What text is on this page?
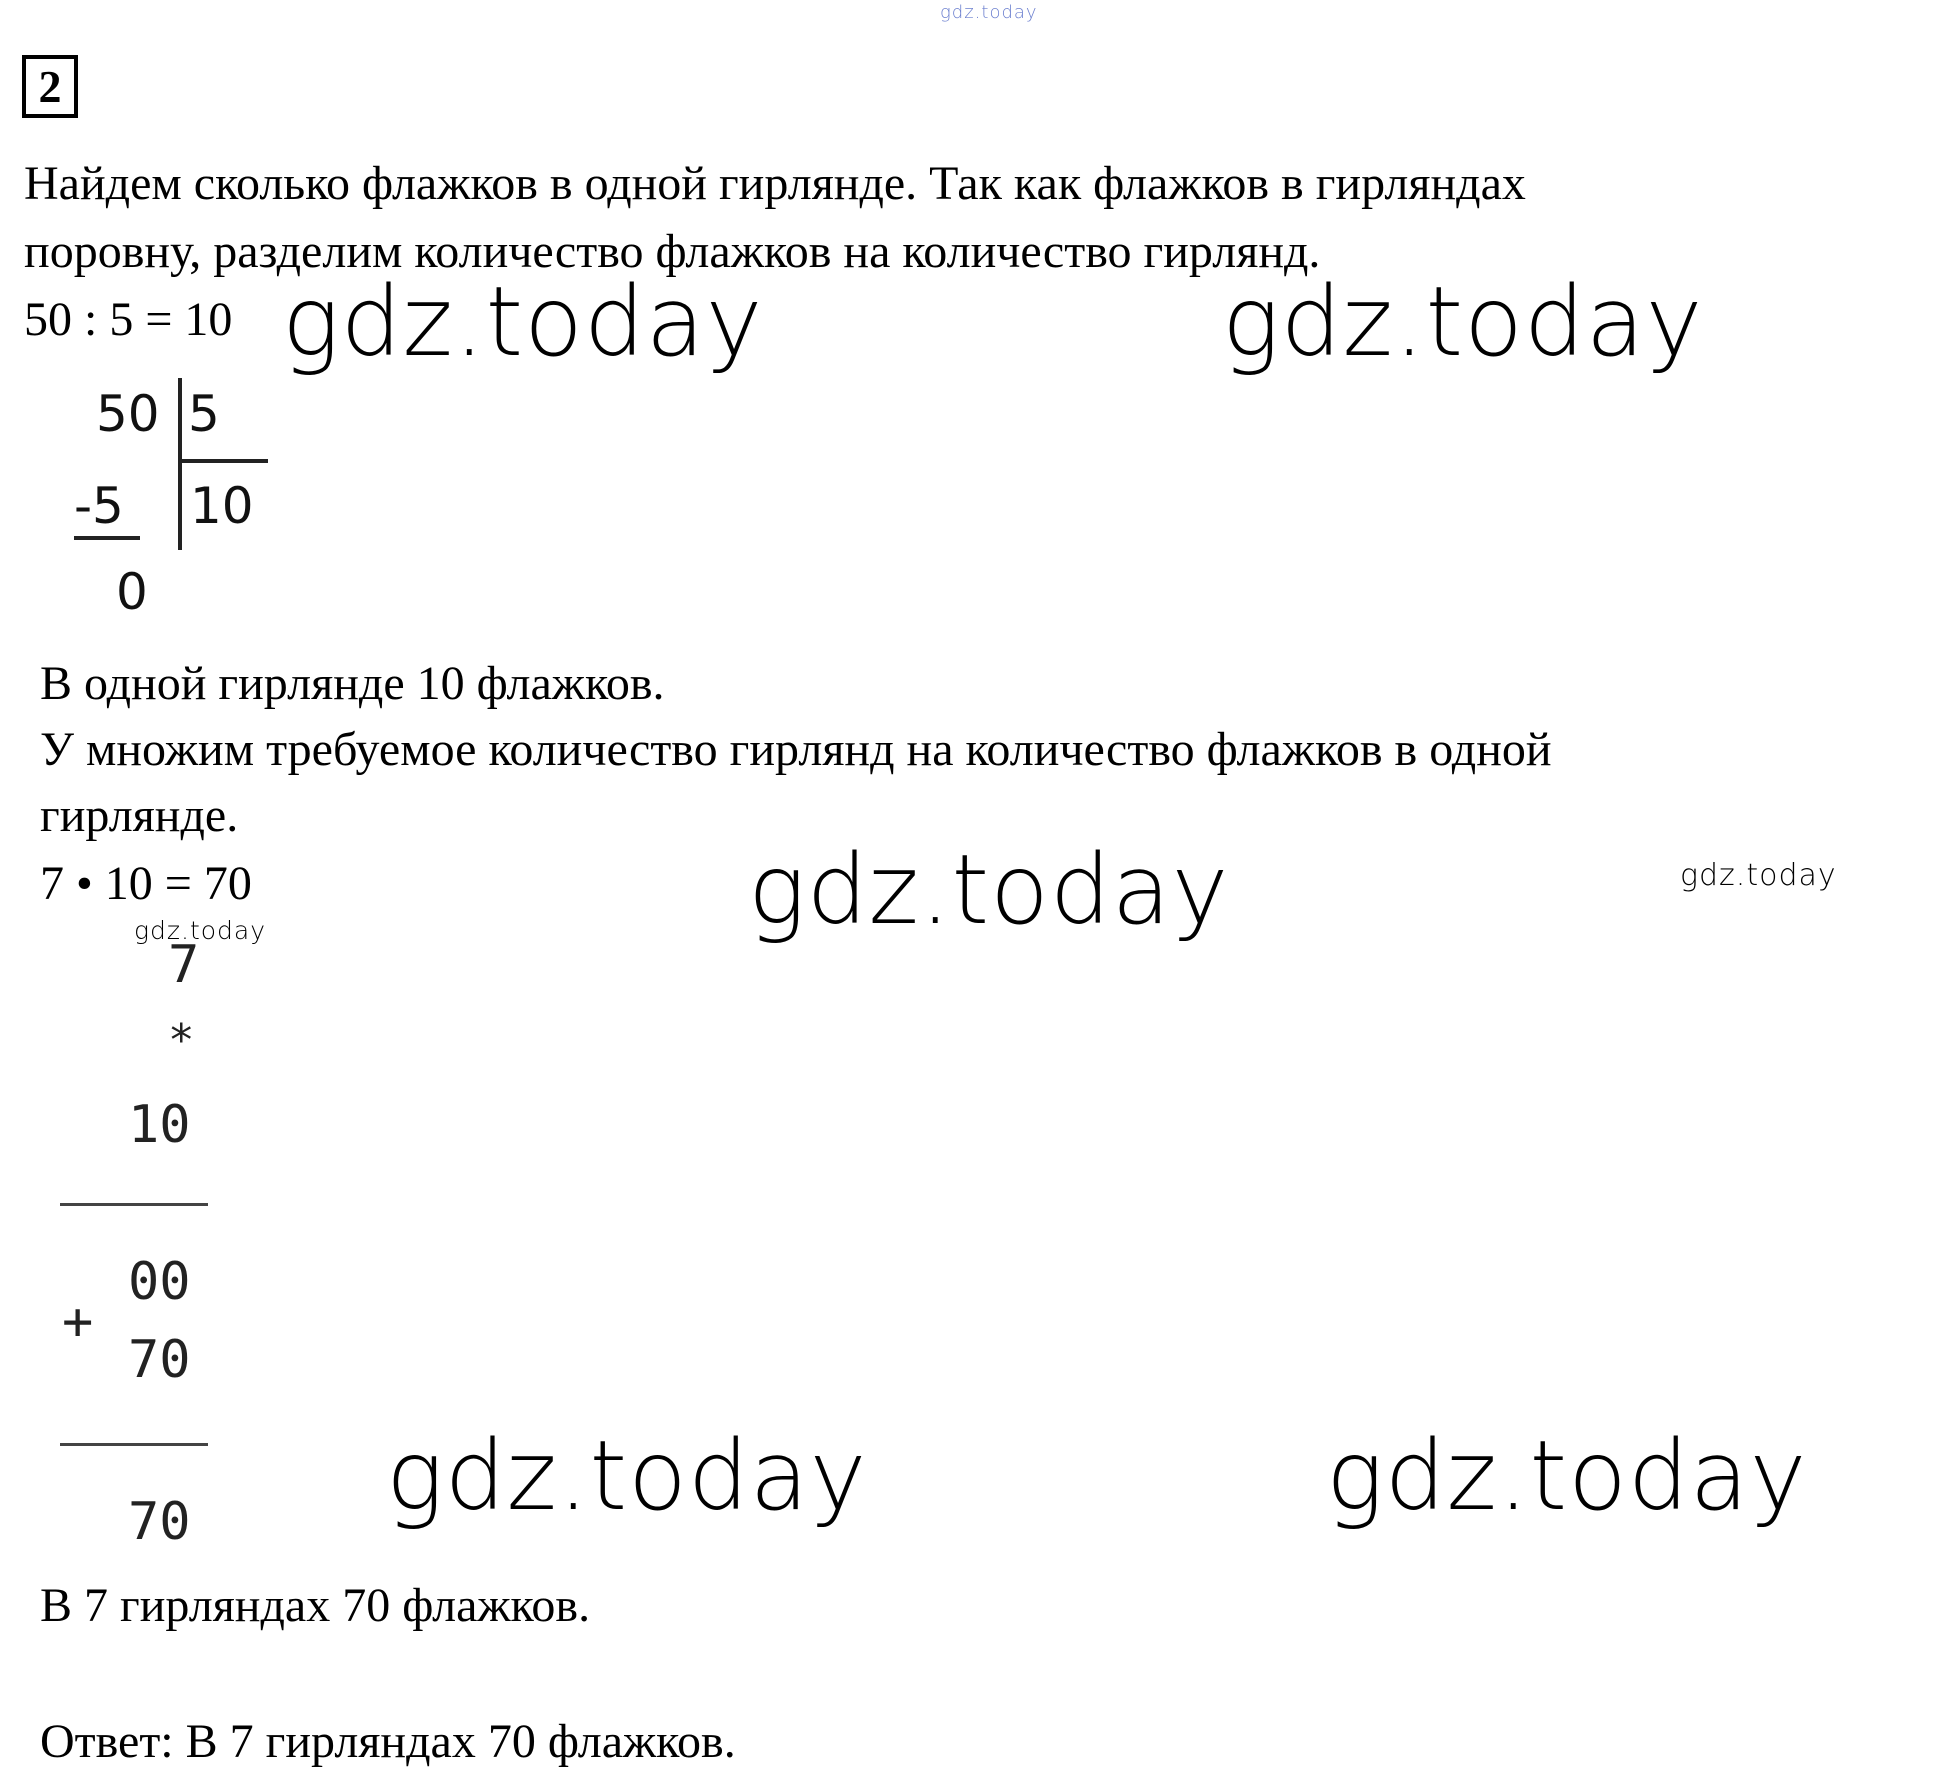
gdz.today
2
Найдем сколько флажков в одной гирлянде. Так как флажков в гирляндах
поровну, разделим количество флажков на количество гирлянд.
50 : 5 = 10 gdz.today	gdz.today
50 5
-5 10
0
В одной гирлянде 10 флажков.
У множим требуемое количество гирлянд на количество флажков в одной
гирлянде.
7 • 10 = 70	gdz.today	gdz.today
gdz.today
7
*
10
00
+
70
70 gdz.today	gdz.today
В 7 гирляндах 70 флажков.
Ответ: В 7 гирляндах 70 флажков.
